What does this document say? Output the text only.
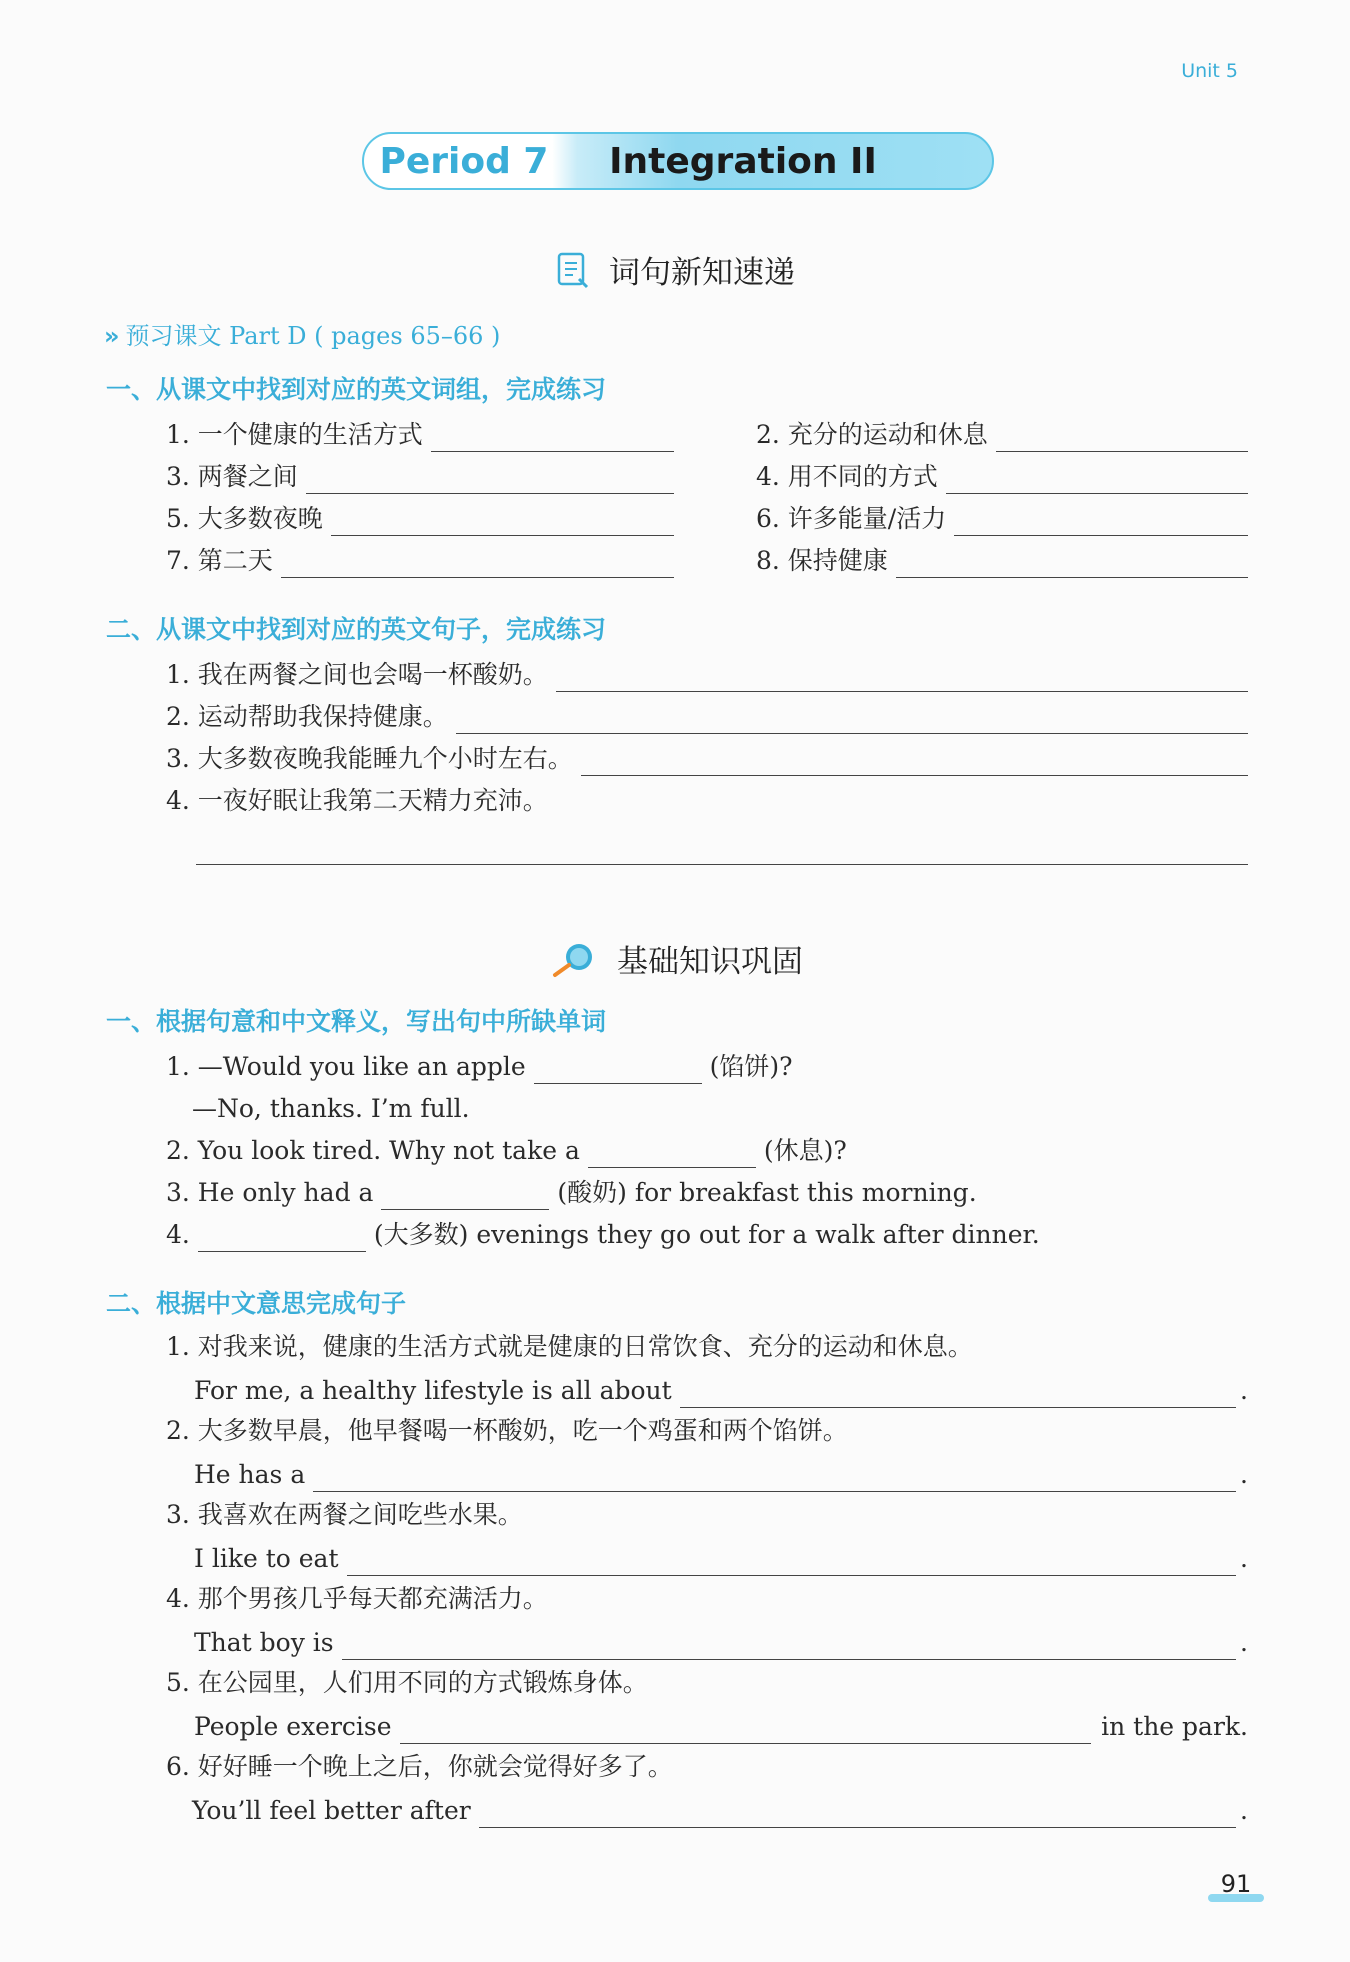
Unit 5
Period 7	Integration II
词句新知速递
» 预习课文 Part D ( pages 65–66 )
一、从课文中找到对应的英文词组，完成练习
1. 一个健康的生活方式	2. 充分的运动和休息
3. 两餐之间	4. 用不同的方式
5. 大多数夜晚	6. 许多能量/活力
7. 第二天	8. 保持健康
二、从课文中找到对应的英文句子，完成练习
1. 我在两餐之间也会喝一杯酸奶。
2. 运动帮助我保持健康。
3. 大多数夜晚我能睡九个小时左右。
4. 一夜好眠让我第二天精力充沛。
基础知识巩固
一、根据句意和中文释义，写出句中所缺单词
1. —Would you like an apple	(馅饼)?
—No, thanks. I’m full.
2. You look tired. Why not take a	(休息)?
3. He only had a	(酸奶) for breakfast this morning.
4.	(大多数) evenings they go out for a walk after dinner.
二、根据中文意思完成句子
1. 对我来说，健康的生活方式就是健康的日常饮食、充分的运动和休息。
For me, a healthy lifestyle is all about	.
2. 大多数早晨，他早餐喝一杯酸奶，吃一个鸡蛋和两个馅饼。
He has a	.
3. 我喜欢在两餐之间吃些水果。
I like to eat	.
4. 那个男孩几乎每天都充满活力。
That boy is	.
5. 在公园里，人们用不同的方式锻炼身体。
People exercise	in the park.
6. 好好睡一个晚上之后，你就会觉得好多了。
You’ll feel better after	.
91
